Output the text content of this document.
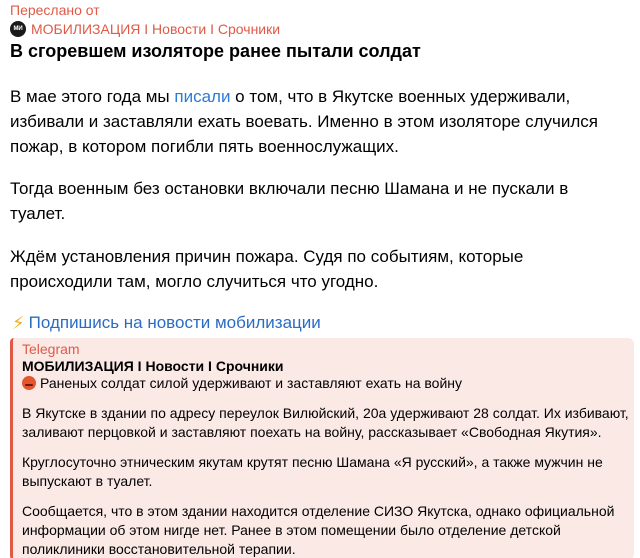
Переслано от
МИ МОБИЛИЗАЦИЯ I Новости I Срочники
В сгоревшем изоляторе ранее пытали солдат
В мае этого года мы писали о том, что в Якутске военных удерживали,
избивали и заставляли ехать воевать. Именно в этом изоляторе случился
пожар, в котором погибли пять военнослужащих.
Тогда военным без остановки включали песню Шамана и не пускали в
туалет.
Ждём установления причин пожара. Судя по событиям, которые
происходили там, могло случиться что угодно.
⚡ Подпишись на новости мобилизации
Telegram
МОБИЛИЗАЦИЯ I Новости I Срочники
Раненых солдат силой удерживают и заставляют ехать на войну
В Якутске в здании по адресу переулок Вилюйский, 20а удерживают 28 солдат. Их избивают,
заливают перцовкой и заставляют поехать на войну, рассказывает «Свободная Якутия».
Круглосуточно этническим якутам крутят песню Шамана «Я русский», а также мужчин не
выпускают в туалет.
Сообщается, что в этом здании находится отделение СИЗО Якутска, однако официальной
информации об этом нигде нет. Ранее в этом помещении было отделение детской
поликлиники восстановительной терапии.
